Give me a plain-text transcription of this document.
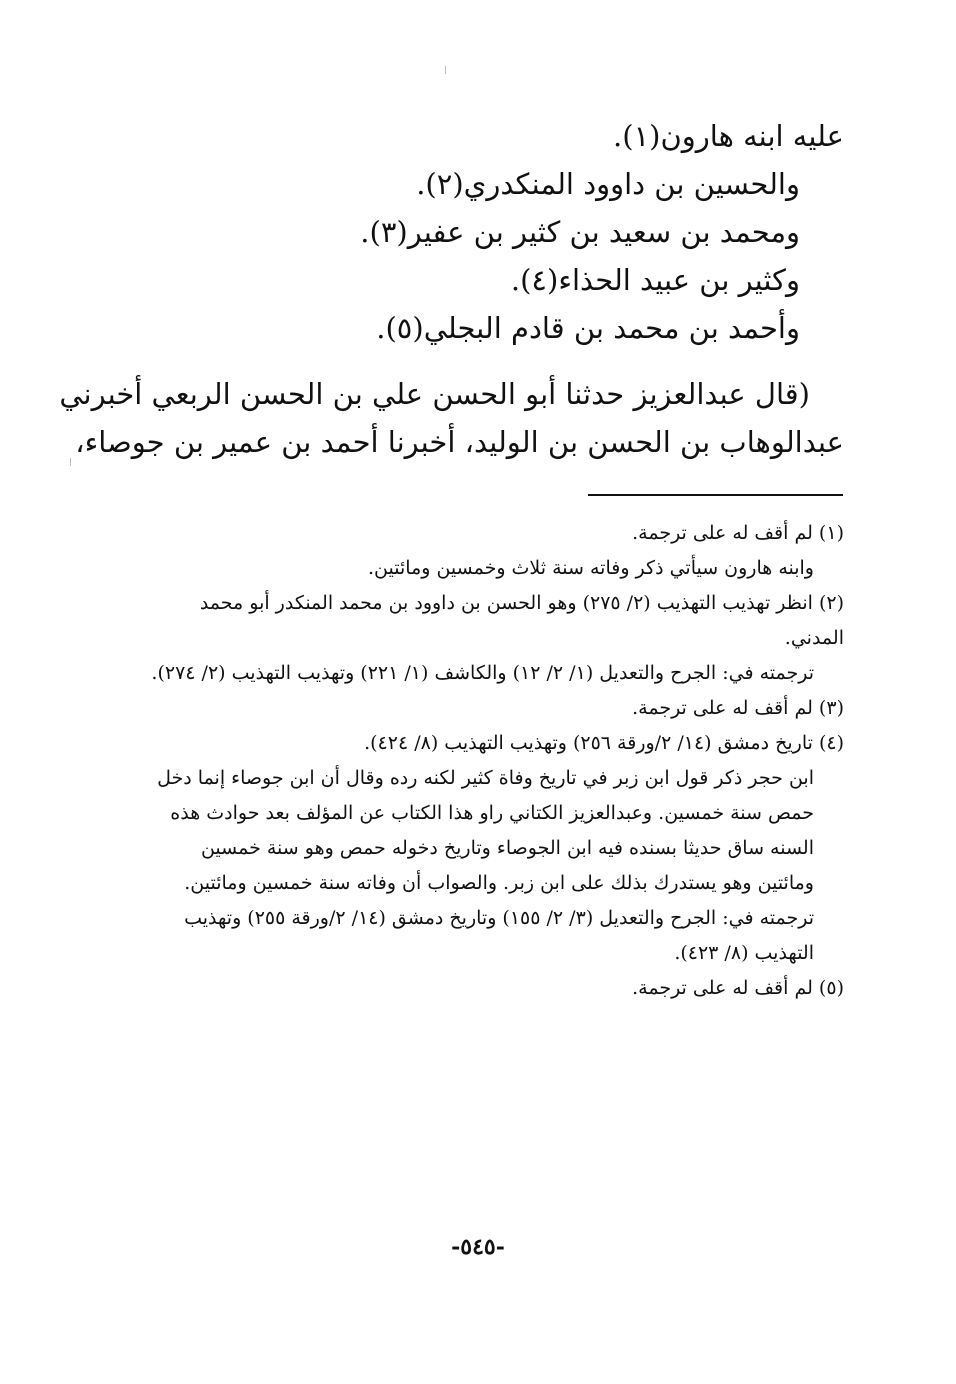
عليه ابنه هارون(١).

والحسين بن داوود المنكدري(٢).

ومحمد بن سعيد بن كثير بن عفير(٣).

وكثير بن عبيد الحذاء(٤).

وأحمد بن محمد بن قادم البجلي(٥).

(قال عبدالعزيز حدثنا أبو الحسن علي بن الحسن الربعي أخبرني

عبدالوهاب بن الحسن بن الوليد، أخبرنا أحمد بن عمير بن جوصاء،

(١) لم أقف له على ترجمة.

وابنه هارون سيأتي ذكر وفاته سنة ثلاث وخمسين ومائتين.

(٢) انظر تهذيب التهذيب (٢/ ٢٧٥) وهو الحسن بن داوود بن محمد المنكدر أبو محمد المدني.

ترجمته في: الجرح والتعديل (١/ ٢/ ١٢) والكاشف (١/ ٢٢١) وتهذيب التهذيب (٢/ ٢٧٤).

(٣) لم أقف له على ترجمة.

(٤) تاريخ دمشق (١٤/ ٢/ورقة ٢٥٦) وتهذيب التهذيب (٨/ ٤٢٤).

ابن حجر ذكر قول ابن زبر في تاريخ وفاة كثير لكنه رده وقال أن ابن جوصاء إنما دخل حمص سنة خمسين. وعبدالعزيز الكتاني راو هذا الكتاب عن المؤلف بعد حوادث هذه السنه ساق حديثا بسنده فيه ابن الجوصاء وتاريخ دخوله حمص وهو سنة خمسين ومائتين وهو يستدرك بذلك على ابن زبر. والصواب أن وفاته سنة خمسين ومائتين.

ترجمته في: الجرح والتعديل (٣/ ٢/ ١٥٥) وتاريخ دمشق (١٤/ ٢/ورقة ٢٥٥) وتهذيب التهذيب (٨/ ٤٢٣).

(٥) لم أقف له على ترجمة.

-٥٤٥-
